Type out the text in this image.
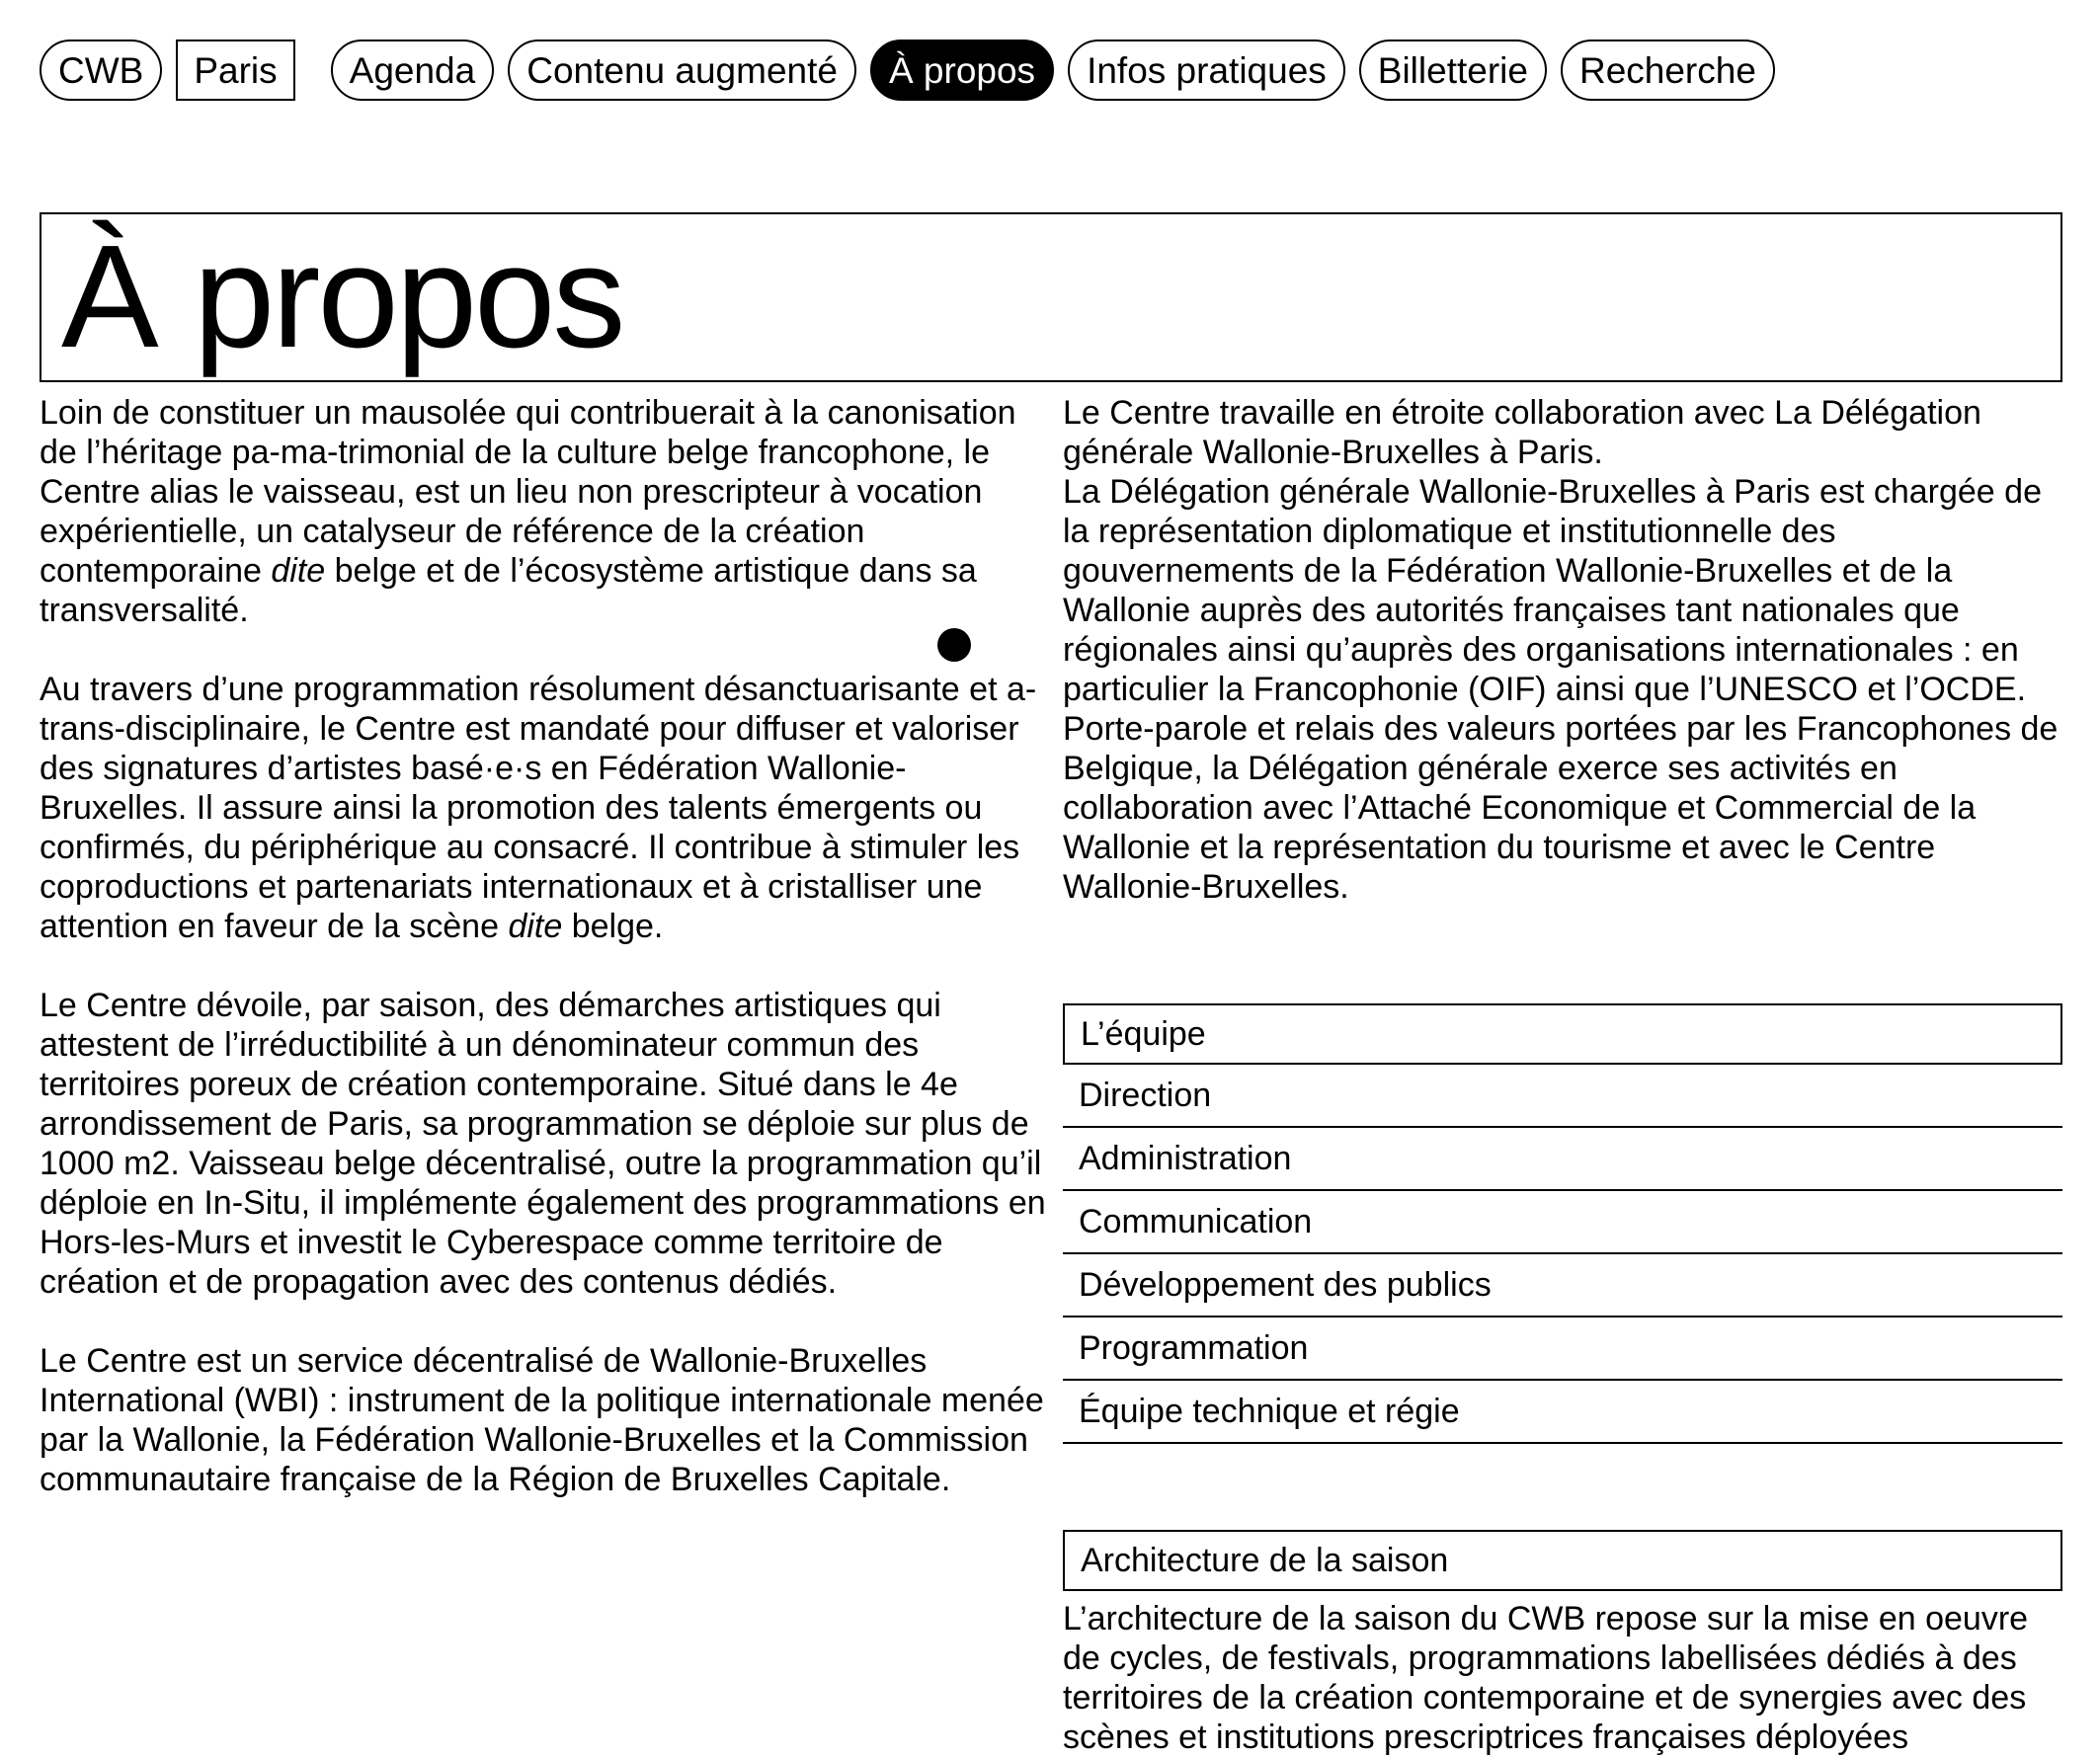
CWB	Paris	Agenda	Contenu augmenté	À propos	Infos pratiques	Billetterie	Recherche
À propos

Loin de constituer un mausolée qui contribuerait à la canonisation de l’héritage pa-ma-trimonial de la culture belge francophone, le Centre alias le vaisseau, est un lieu non prescripteur à vocation expérientielle, un catalyseur de référence de la création contemporaine dite belge et de l’écosystème artistique dans sa transversalité.

Au travers d’une programmation résolument désanctuarisante et a-trans-disciplinaire, le Centre est mandaté pour diffuser et valoriser des signatures d’artistes basé·e·s en Fédération Wallonie-Bruxelles. Il assure ainsi la promotion des talents émergents ou confirmés, du périphérique au consacré. Il contribue à stimuler les coproductions et partenariats internationaux et à cristalliser une attention en faveur de la scène dite belge.

Le Centre dévoile, par saison, des démarches artistiques qui attestent de l’irréductibilité à un dénominateur commun des territoires poreux de création contemporaine. Situé dans le 4e arrondissement de Paris, sa programmation se déploie sur plus de 1000 m2. Vaisseau belge décentralisé, outre la programmation qu’il déploie en In-Situ, il implémente également des programmations en Hors-les-Murs et investit le Cyberespace comme territoire de création et de propagation avec des contenus dédiés.

Le Centre est un service décentralisé de Wallonie-Bruxelles International (WBI) : instrument de la politique internationale menée par la Wallonie, la Fédération Wallonie-Bruxelles et la Commission communautaire française de la Région de Bruxelles Capitale.

Le Centre travaille en étroite collaboration avec La Délégation générale Wallonie-Bruxelles à Paris.

La Délégation générale Wallonie-Bruxelles à Paris est chargée de la représentation diplomatique et institutionnelle des gouvernements de la Fédération Wallonie-Bruxelles et de la Wallonie auprès des autorités françaises tant nationales que régionales ainsi qu’auprès des organisations internationales : en particulier la Francophonie (OIF) ainsi que l’UNESCO et l’OCDE. Porte-parole et relais des valeurs portées par les Francophones de Belgique, la Délégation générale exerce ses activités en collaboration avec l’Attaché Economique et Commercial de la Wallonie et la représentation du tourisme et avec le Centre Wallonie-Bruxelles.

L’équipe
Direction
Administration
Communication
Développement des publics
Programmation
Équipe technique et régie
Architecture de la saison
L’architecture de la saison du CWB repose sur la mise en oeuvre de cycles, de festivals, programmations labellisées dédiés à des territoires de la création contemporaine et de synergies avec des scènes et institutions prescriptrices françaises déployées
